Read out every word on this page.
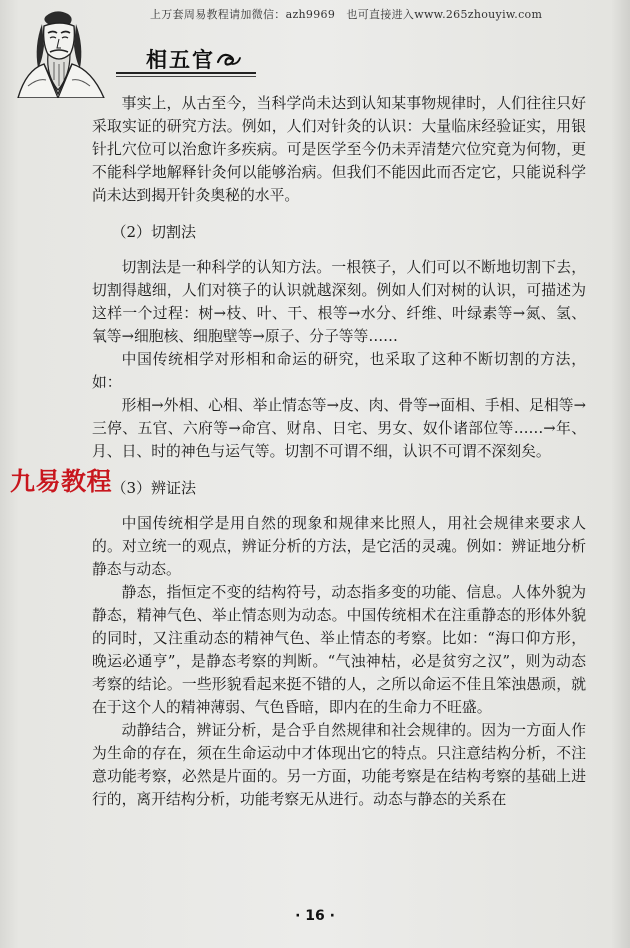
上万套周易教程请加微信：azh9969　也可直接进入www.265zhouyiw.com
相五官

事实上，从古至今，当科学尚未达到认知某事物规律时，人们往往只好采取实证的研究方法。例如，人们对针灸的认识：大量临床经验证实，用银针扎穴位可以治愈许多疾病。可是医学至今仍未弄清楚穴位究竟为何物，更不能科学地解释针灸何以能够治病。但我们不能因此而否定它，只能说科学尚未达到揭开针灸奥秘的水平。

（2）切割法

切割法是一种科学的认知方法。一根筷子，人们可以不断地切割下去，切割得越细，人们对筷子的认识就越深刻。例如人们对树的认识，可描述为这样一个过程：树→枝、叶、干、根等→水分、纤维、叶绿素等→氮、氢、氧等→细胞核、细胞壁等→原子、分子等等……

中国传统相学对形相和命运的研究，也采取了这种不断切割的方法，如：

形相→外相、心相、举止情态等→皮、肉、骨等→面相、手相、足相等→三停、五官、六府等→命宫、财帛、日宅、男女、奴仆诸部位等……→年、月、日、时的神色与运气等。切割不可谓不细，认识不可谓不深刻矣。

（3）辨证法

中国传统相学是用自然的现象和规律来比照人，用社会规律来要求人的。对立统一的观点，辨证分析的方法，是它活的灵魂。例如：辨证地分析静态与动态。

静态，指恒定不变的结构符号，动态指多变的功能、信息。人体外貌为静态，精神气色、举止情态则为动态。中国传统相术在注重静态的形体外貌的同时，又注重动态的精神气色、举止情态的考察。比如：“海口仰方形，晚运必通亨”，是静态考察的判断。“气浊神枯，必是贫穷之汉”，则为动态考察的结论。一些形貌看起来挺不错的人，之所以命运不佳且笨浊愚顽，就在于这个人的精神薄弱、气色昏暗，即内在的生命力不旺盛。

动静结合，辨证分析，是合乎自然规律和社会规律的。因为一方面人作为生命的存在，须在生命运动中才体现出它的特点。只注意结构分析，不注意功能考察，必然是片面的。另一方面，功能考察是在结构考察的基础上进行的，离开结构分析，功能考察无从进行。动态与静态的关系在

九易教程
· 16 ·
